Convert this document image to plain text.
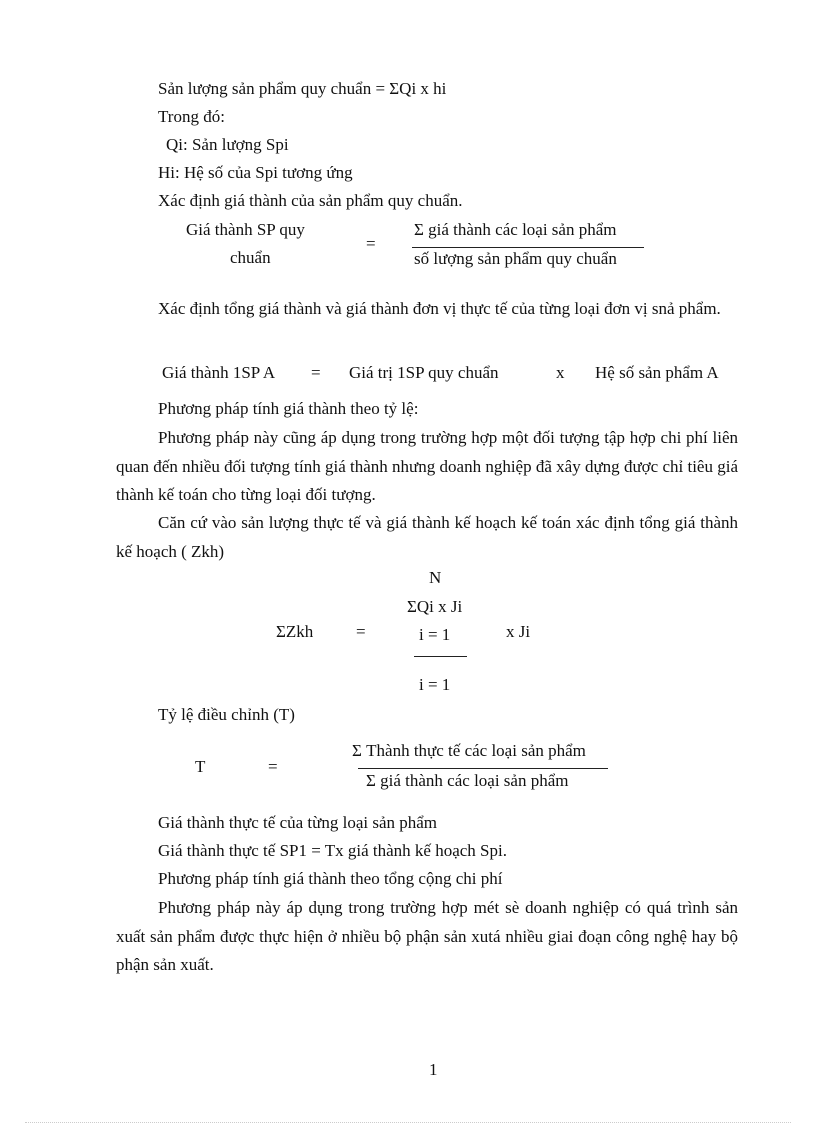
Sản lượng sản phẩm quy chuẩn = ΣQi x hi
Trong đó:
Qi: Sản lượng Spi
Hi: Hệ số của Spi tương ứng
Xác định giá thành của sản phẩm quy chuẩn.
Giá thành SP quy
chuẩn
=
Σ giá thành các loại sản phẩm
số lượng sản phẩm quy chuẩn
Xác định tổng giá thành và giá thành đơn vị thực tế của từng loại đơn vị snả phẩm.
Giá thành 1SP A = Giá trị 1SP quy chuẩn	x Hệ số sản phẩm A
Phương pháp tính giá thành theo tỷ lệ:
Phương pháp này cũng áp dụng trong trường hợp một đối tượng tập hợp chi phí liên quan đến nhiều đối tượng tính giá thành nhưng doanh nghiệp đã xây dựng được chỉ tiêu giá thành kế toán cho từng loại đối tượng.
Căn cứ vào sản lượng thực tế và giá thành kế hoạch kế toán xác định tổng giá thành kế hoạch ( Zkh)
N
ΣQi x Ji
i = 1
ΣZkh	=	x Ji
i = 1
Tỷ lệ điều chỉnh (T)
T	=
Σ Thành thực tế các loại sản phẩm
Σ giá thành các loại sản phẩm
Giá thành thực tế của từng loại sản phẩm
Giá thành thực tế SP1 = Tx giá thành kế hoạch Spi.
Phương pháp tính giá thành theo tổng cộng chi phí
Phương pháp này áp dụng trong trường hợp mét sè doanh nghiệp có quá trình sản xuất sản phẩm được thực hiện ở nhiều bộ phận sản xutá nhiều giai đoạn công nghệ hay bộ phận sản xuất.
1
